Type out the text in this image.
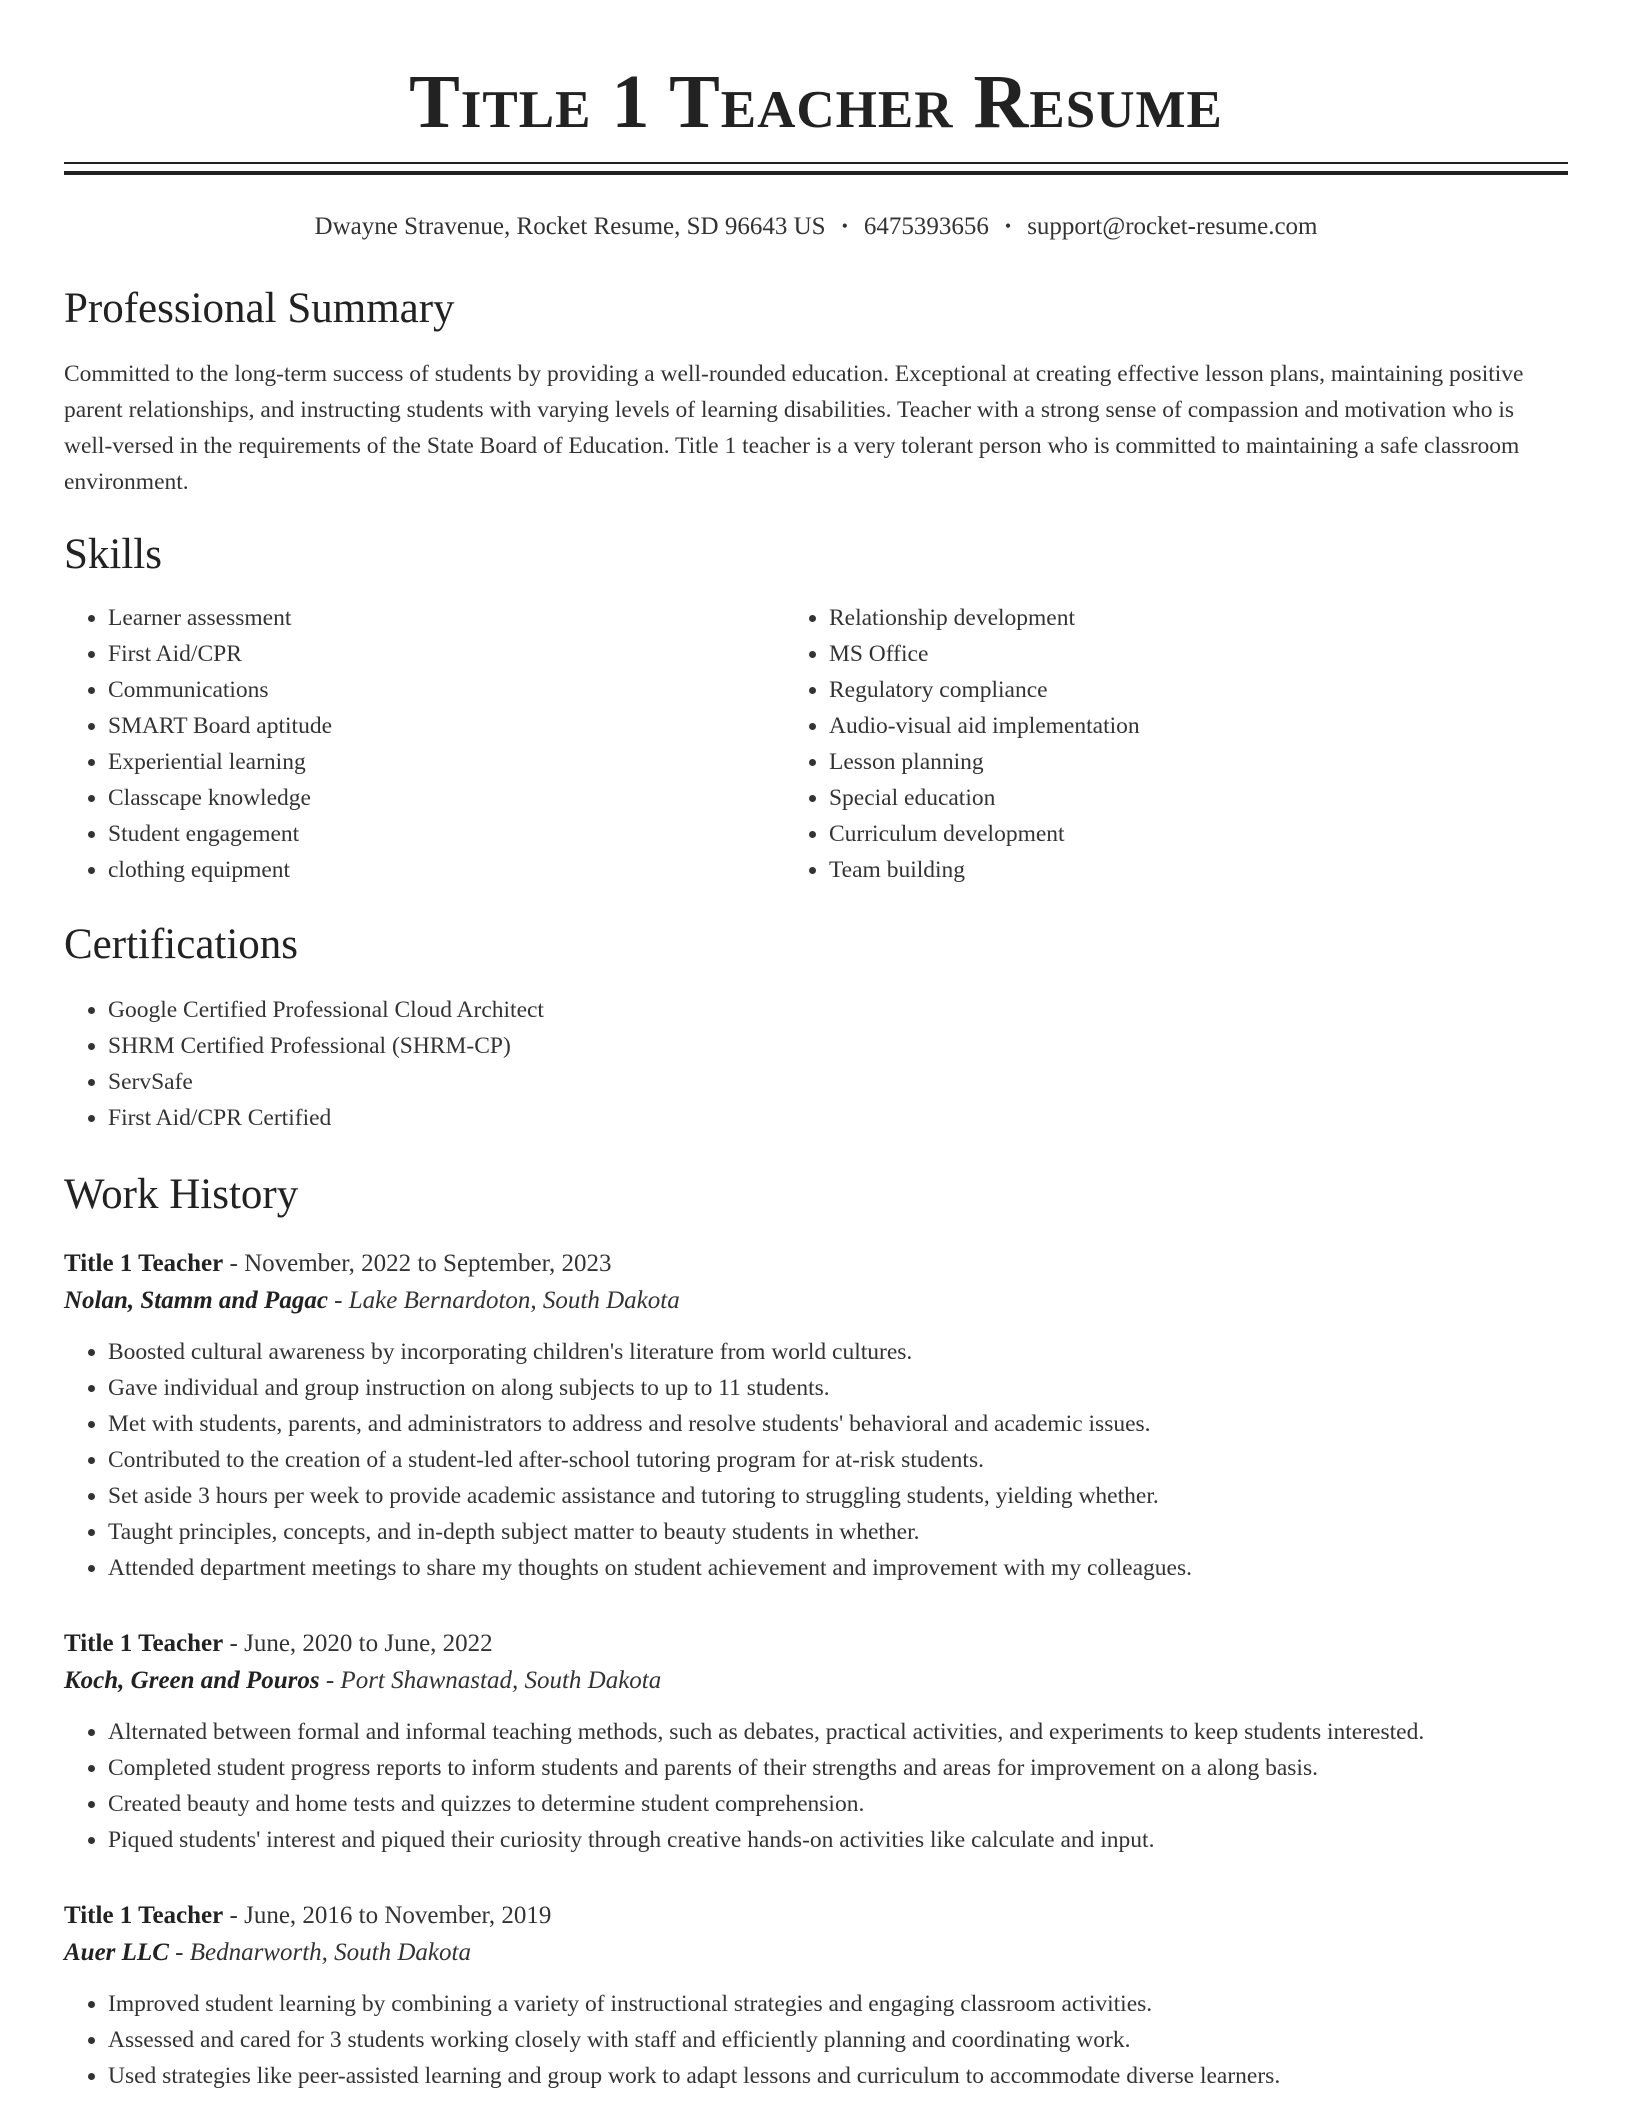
Title 1 Teacher Resume
Dwayne Stravenue, Rocket Resume, SD 96643 US • 6475393656 • support@rocket-resume.com
Professional Summary

Committed to the long-term success of students by providing a well-rounded education. Exceptional at creating effective lesson plans, maintaining positive parent relationships, and instructing students with varying levels of learning disabilities. Teacher with a strong sense of compassion and motivation who is well-versed in the requirements of the State Board of Education. Title 1 teacher is a very tolerant person who is committed to maintaining a safe classroom environment.

Skills
• Learner assessment
• First Aid/CPR
• Communications
• SMART Board aptitude
• Experiential learning
• Classcape knowledge
• Student engagement
• clothing equipment
• Relationship development
• MS Office
• Regulatory compliance
• Audio-visual aid implementation
• Lesson planning
• Special education
• Curriculum development
• Team building
Certifications
• Google Certified Professional Cloud Architect
• SHRM Certified Professional (SHRM-CP)
• ServSafe
• First Aid/CPR Certified
Work History
Title 1 Teacher - November, 2022 to September, 2023
Nolan, Stamm and Pagac - Lake Bernardoton, South Dakota
• Boosted cultural awareness by incorporating children's literature from world cultures.
• Gave individual and group instruction on along subjects to up to 11 students.
• Met with students, parents, and administrators to address and resolve students' behavioral and academic issues.
• Contributed to the creation of a student-led after-school tutoring program for at-risk students.
• Set aside 3 hours per week to provide academic assistance and tutoring to struggling students, yielding whether.
• Taught principles, concepts, and in-depth subject matter to beauty students in whether.
• Attended department meetings to share my thoughts on student achievement and improvement with my colleagues.
Title 1 Teacher - June, 2020 to June, 2022
Koch, Green and Pouros - Port Shawnastad, South Dakota
• Alternated between formal and informal teaching methods, such as debates, practical activities, and experiments to keep students interested.
• Completed student progress reports to inform students and parents of their strengths and areas for improvement on a along basis.
• Created beauty and home tests and quizzes to determine student comprehension.
• Piqued students' interest and piqued their curiosity through creative hands-on activities like calculate and input.
Title 1 Teacher - June, 2016 to November, 2019
Auer LLC - Bednarworth, South Dakota
• Improved student learning by combining a variety of instructional strategies and engaging classroom activities.
• Assessed and cared for 3 students working closely with staff and efficiently planning and coordinating work.
• Used strategies like peer-assisted learning and group work to adapt lessons and curriculum to accommodate diverse learners.
